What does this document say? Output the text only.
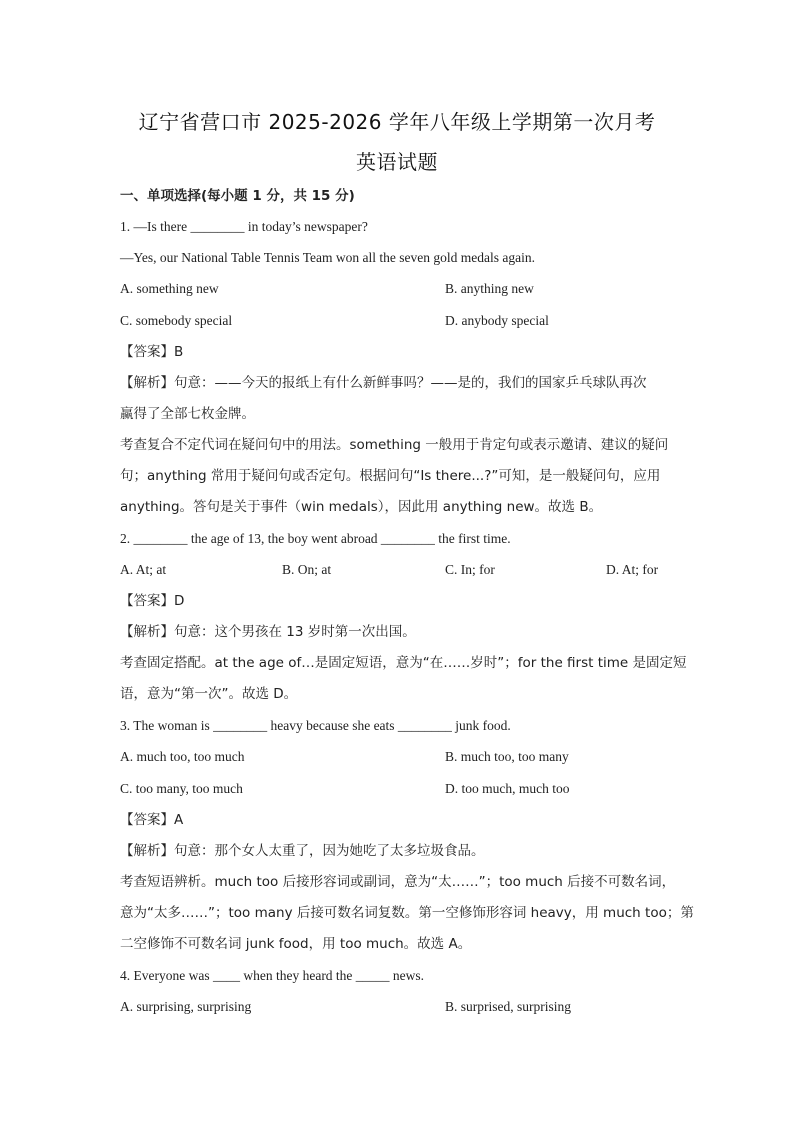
辽宁省营口市 2025-2026 学年八年级上学期第一次月考
英语试题
一、单项选择(每小题 1 分，共 15 分)
1. —Is there ________ in today’s newspaper?
—Yes, our National Table Tennis Team won all the seven gold medals again.
A. something new	B. anything new
C. somebody special	D. anybody special
【答案】B
【解析】句意：——今天的报纸上有什么新鲜事吗？——是的，我们的国家乒乓球队再次
赢得了全部七枚金牌。
考查复合不定代词在疑问句中的用法。something 一般用于肯定句或表示邀请、建议的疑问
句；anything 常用于疑问句或否定句。根据问句“Is there...?”可知，是一般疑问句，应用
anything。答句是关于事件（win medals），因此用 anything new。故选 B。
2. ________ the age of 13, the boy went abroad ________ the first time.
A. At; at	B. On; at	C. In; for	D. At; for
【答案】D
【解析】句意：这个男孩在 13 岁时第一次出国。
考查固定搭配。at the age of…是固定短语，意为“在……岁时”；for the first time 是固定短
语，意为“第一次”。故选 D。
3. The woman is ________ heavy because she eats ________ junk food.
A. much too, too much	B. much too, too many
C. too many, too much	D. too much, much too
【答案】A
【解析】句意：那个女人太重了，因为她吃了太多垃圾食品。
考查短语辨析。much too 后接形容词或副词，意为“太……”；too much 后接不可数名词，
意为“太多……”；too many 后接可数名词复数。第一空修饰形容词 heavy，用 much too；第
二空修饰不可数名词 junk food，用 too much。故选 A。
4. Everyone was ____ when they heard the _____ news.
A. surprising, surprising	B. surprised, surprising
